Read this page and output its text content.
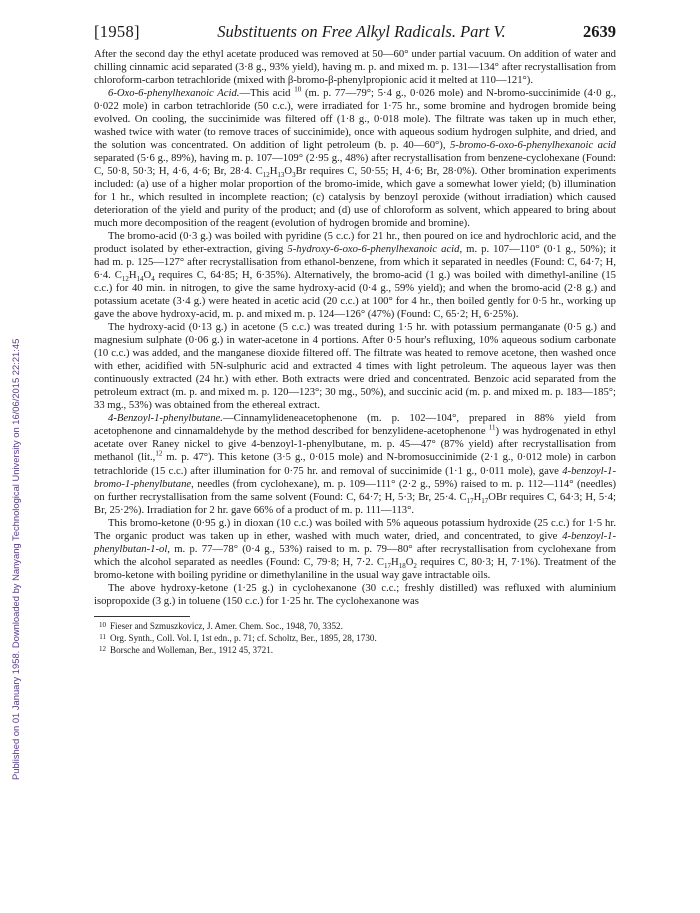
Published on 01 January 1958. Downloaded by Nanyang Technological University on 16/06/2015 22:21:45
[1958]	Substituents on Free Alkyl Radicals. Part V.	2639

After the second day the ethyl acetate produced was removed at 50—60° under partial vacuum. On addition of water and chilling cinnamic acid separated (3·8 g., 93% yield), having m. p. and mixed m. p. 131—134° after recrystallisation from chloroform-carbon tetrachloride (mixed with β-bromo-β-phenylpropionic acid it melted at 110—121°).

6-Oxo-6-phenylhexanoic Acid.—This acid $^{10}$ (m. p. 77—79°; 5·4 g., 0·026 mole) and N-bromo-succinimide (4·0 g., 0·022 mole) in carbon tetrachloride (50 c.c.), were irradiated for 1·75 hr., some bromine and hydrogen bromide being evolved. On cooling, the succinimide was filtered off (1·8 g., 0·018 mole). The filtrate was taken up in much ether, washed twice with water (to remove traces of succinimide), once with aqueous sodium hydrogen sulphite, and dried, and the solution was concentrated. On addition of light petroleum (b. p. 40—60°), 5-bromo-6-oxo-6-phenylhexanoic acid separated (5·6 g., 89%), having m. p. 107—109° (2·95 g., 48%) after recrystallisation from benzene-cyclohexane (Found: C, 50·8, 50·3; H, 4·6, 4·6; Br, 28·4. $C_{12}H_{13}O_3Br$ requires C, 50·55; H, 4·6; Br, 28·0%). Other bromination experiments included: (a) use of a higher molar proportion of the bromo-imide, which gave a somewhat lower yield; (b) illumination for 1 hr., which resulted in incomplete reaction; (c) catalysis by benzoyl peroxide (without irradiation) which caused deterioration of the yield and purity of the product; and (d) use of chloroform as solvent, which appeared to bring about much more decomposition of the reagent (evolution of hydrogen bromide and bromine).

The bromo-acid (0·3 g.) was boiled with pyridine (5 c.c.) for 21 hr., then poured on ice and hydrochloric acid, and the product isolated by ether-extraction, giving 5-hydroxy-6-oxo-6-phenylhexanoic acid, m. p. 107—110° (0·1 g., 50%); it had m. p. 125—127° after recrystallisation from ethanol-benzene, from which it separated in needles (Found: C, 64·7; H, 6·4. $C_{12}H_{14}O_4$ requires C, 64·85; H, 6·35%). Alternatively, the bromo-acid (1 g.) was boiled with dimethyl-aniline (15 c.c.) for 40 min. in nitrogen, to give the same hydroxy-acid (0·4 g., 59% yield); and when the bromo-acid (2·8 g.) and potassium acetate (3·4 g.) were heated in acetic acid (20 c.c.) at 100° for 4 hr., then boiled gently for 0·5 hr., working up gave the above hydroxy-acid, m. p. and mixed m. p. 124—126° (47%) (Found: C, 65·2; H, 6·25%).

The hydroxy-acid (0·13 g.) in acetone (5 c.c.) was treated during 1·5 hr. with potassium permanganate (0·5 g.) and magnesium sulphate (0·06 g.) in water-acetone in 4 portions. After 0·5 hour's refluxing, 10% aqueous sodium carbonate (10 c.c.) was added, and the manganese dioxide filtered off. The filtrate was heated to remove acetone, then washed once with ether, acidified with 5N-sulphuric acid and extracted 4 times with light petroleum. The aqueous layer was then continuously extracted (24 hr.) with ether. Both extracts were dried and concentrated. Benzoic acid separated from the petroleum extract (m. p. and mixed m. p. 120—123°; 30 mg., 50%), and succinic acid (m. p. and mixed m. p. 183—185°; 33 mg., 53%) was obtained from the ethereal extract.

4-Benzoyl-1-phenylbutane.—Cinnamylideneacetophenone (m. p. 102—104°, prepared in 88% yield from acetophenone and cinnamaldehyde by the method described for benzylidene-acetophenone $^{11}$) was hydrogenated in ethyl acetate over Raney nickel to give 4-benzoyl-1-phenylbutane, m. p. 45—47° (87% yield) after recrystallisation from methanol (lit.,$^{12}$ m. p. 47°). This ketone (3·5 g., 0·015 mole) and N-bromosuccinimide (2·1 g., 0·012 mole) in carbon tetrachloride (15 c.c.) after illumination for 0·75 hr. and removal of succinimide (1·1 g., 0·011 mole), gave 4-benzoyl-1-bromo-1-phenylbutane, needles (from cyclohexane), m. p. 109—111° (2·2 g., 59%) raised to m. p. 112—114° (needles) on further recrystallisation from the same solvent (Found: C, 64·7; H, 5·3; Br, 25·4. $C_{17}H_{17}OBr$ requires C, 64·3; H, 5·4; Br, 25·2%). Irradiation for 2 hr. gave 66% of a product of m. p. 111—113°.

This bromo-ketone (0·95 g.) in dioxan (10 c.c.) was boiled with 5% aqueous potassium hydroxide (25 c.c.) for 1·5 hr. The organic product was taken up in ether, washed with much water, dried, and concentrated, to give 4-benzoyl-1-phenylbutan-1-ol, m. p. 77—78° (0·4 g., 53%) raised to m. p. 79—80° after recrystallisation from cyclohexane from which the alcohol separated as needles (Found: C, 79·8; H, 7·2. $C_{17}H_{18}O_2$ requires C, 80·3; H, 7·1%). Treatment of the bromo-ketone with boiling pyridine or dimethylaniline in the usual way gave intractable oils.

The above hydroxy-ketone (1·25 g.) in cyclohexanone (30 c.c.; freshly distilled) was refluxed with aluminium isopropoxide (3 g.) in toluene (150 c.c.) for 1·25 hr. The cyclohexanone was

10 Fieser and Szmuszkovicz, J. Amer. Chem. Soc., 1948, 70, 3352.
11 Org. Synth., Coll. Vol. I, 1st edn., p. 71; cf. Scholtz, Ber., 1895, 28, 1730.
12 Borsche and Wolleman, Ber., 1912 45, 3721.
